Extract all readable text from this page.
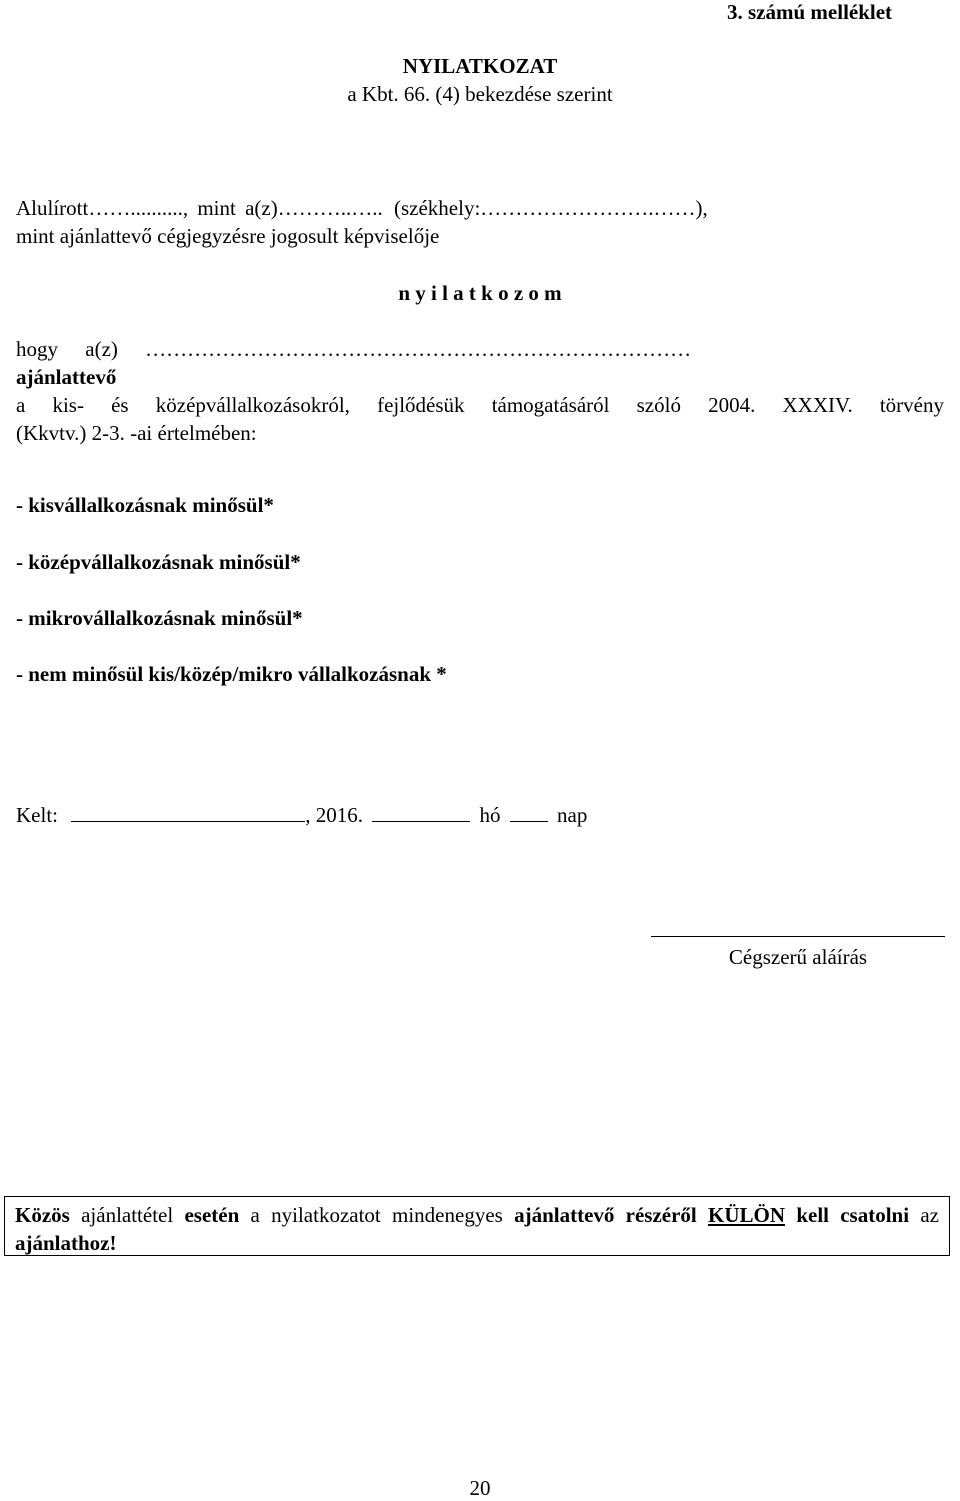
3. számú melléklet
NYILATKOZAT
a Kbt. 66. (4) bekezdése szerint
Alulírott…….........., mint a(z)………..….. (székhely:…………………….……),
mint ajánlattevő cégjegyzésre jogosult képviselője
n y i l a t k o z o m
hogy a(z) ……………………………………………………………………
ajánlattevő
a kis- és középvállalkozásokról, fejlődésük támogatásáról szóló 2004. XXXIV. törvény
(Kkvtv.) 2-3. -ai értelmében:
- kisvállalkozásnak minősül*
- középvállalkozásnak minősül*
- mikrovállalkozásnak minősül*
- nem minősül kis/közép/mikro vállalkozásnak *
Kelt:	, 2016.	hó	nap
Cégszerű aláírás
Közös ajánlattétel esetén a nyilatkozatot mindenegyes ajánlattevő részéről KÜLÖN kell csatolni az ajánlathoz!
20
